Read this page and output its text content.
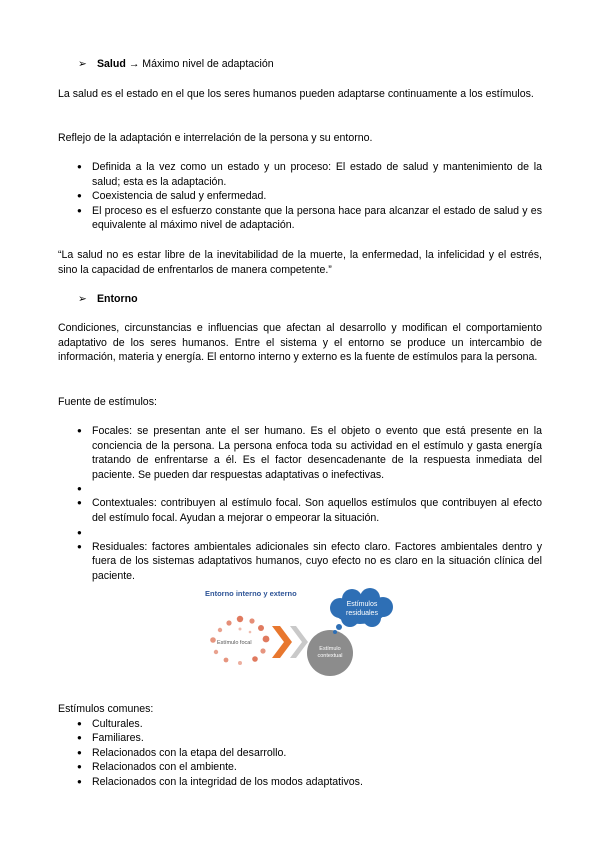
➢ Salud → Máximo nivel de adaptación
La salud es el estado en el que los seres humanos pueden adaptarse continuamente a los estímulos.
Reflejo de la adaptación e interrelación de la persona y su entorno.
● Definida a la vez como un estado y un proceso: El estado de salud y mantenimiento de la salud; esta es la adaptación.
● Coexistencia de salud y enfermedad.
● El proceso es el esfuerzo constante que la persona hace para alcanzar el estado de salud y es equivalente al máximo nivel de adaptación.
“La salud no es estar libre de la inevitabilidad de la muerte, la enfermedad, la infelicidad y el estrés, sino la capacidad de enfrentarlos de manera competente.”
➢ Entorno
Condiciones, circunstancias e influencias que afectan al desarrollo y modifican el comportamiento adaptativo de los seres humanos. Entre el sistema y el entorno se produce un intercambio de información, materia y energía. El entorno interno y externo es la fuente de estímulos para la persona.
Fuente de estímulos:
● Focales: se presentan ante el ser humano. Es el objeto o evento que está presente en la conciencia de la persona. La persona enfoca toda su actividad en el estímulo y gasta energía tratando de enfrentarse a él. Es el factor desencadenante de la respuesta inmediata del paciente. Se pueden dar respuestas adaptativas o inefectivas.
●
● Contextuales: contribuyen al estímulo focal. Son aquellos estímulos que contribuyen al efecto del estímulo focal. Ayudan a mejorar o empeorar la situación.
●
● Residuales: factores ambientales adicionales sin efecto claro. Factores ambientales dentro y fuera de los sistemas adaptativos humanos, cuyo efecto no es claro en la situación clínica del paciente.
Entorno interno y externo
Estímulo focal
Estímulo
contextual
Estímulos
residuales
Estímulos comunes:
● Culturales.
● Familiares.
● Relacionados con la etapa del desarrollo.
● Relacionados con el ambiente.
● Relacionados con la integridad de los modos adaptativos.
